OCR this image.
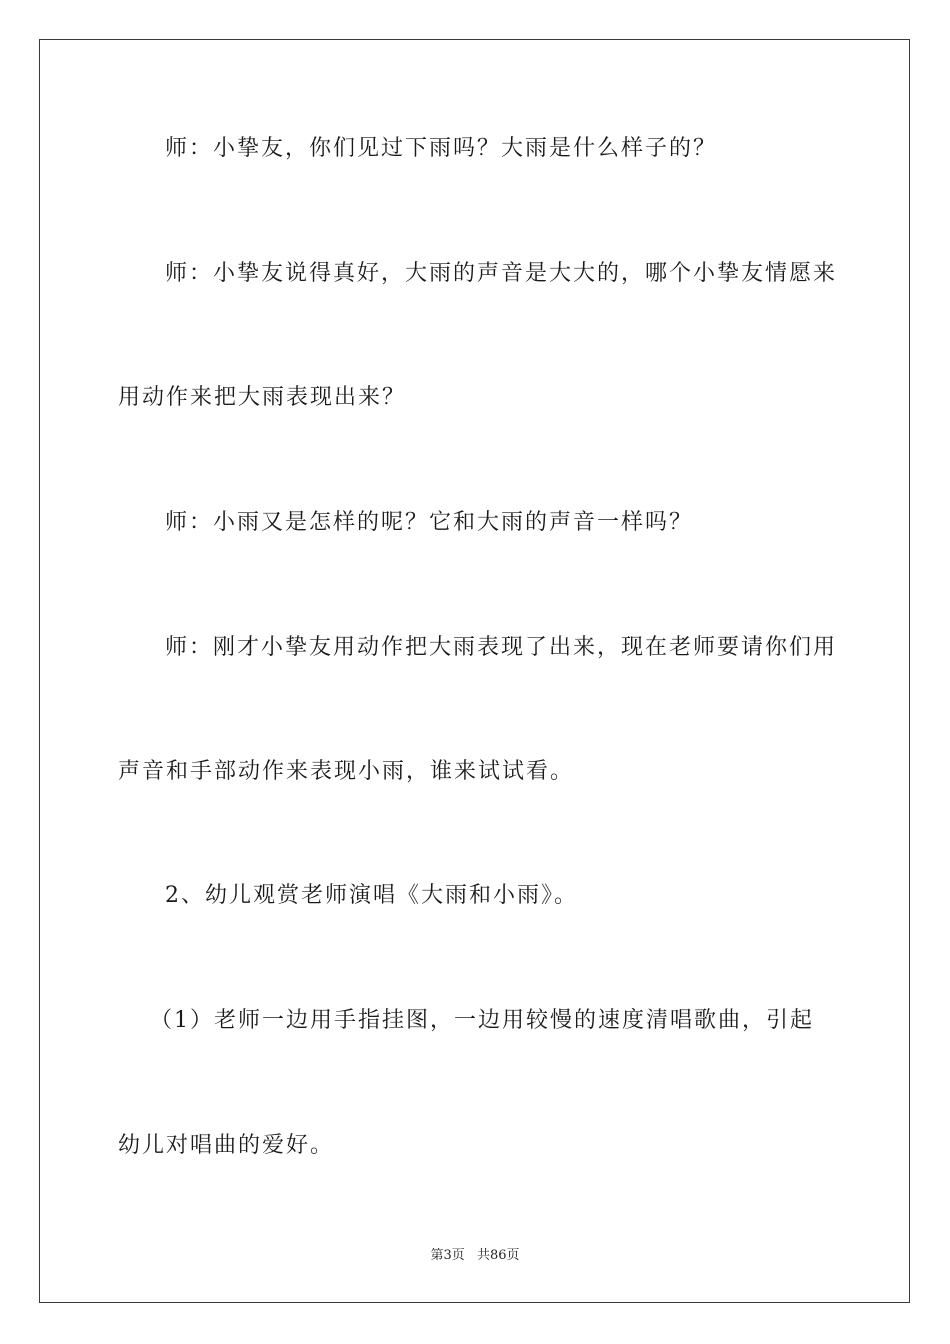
师：小挚友，你们见过下雨吗？大雨是什么样子的？
师：小挚友说得真好，大雨的声音是大大的，哪个小挚友情愿来
用动作来把大雨表现出来？
师：小雨又是怎样的呢？它和大雨的声音一样吗？
师：刚才小挚友用动作把大雨表现了出来，现在老师要请你们用
声音和手部动作来表现小雨，谁来试试看。
2、幼儿观赏老师演唱《大雨和小雨》。
（1）老师一边用手指挂图，一边用较慢的速度清唱歌曲，引起
幼儿对唱曲的爱好。
第3页 共86页
